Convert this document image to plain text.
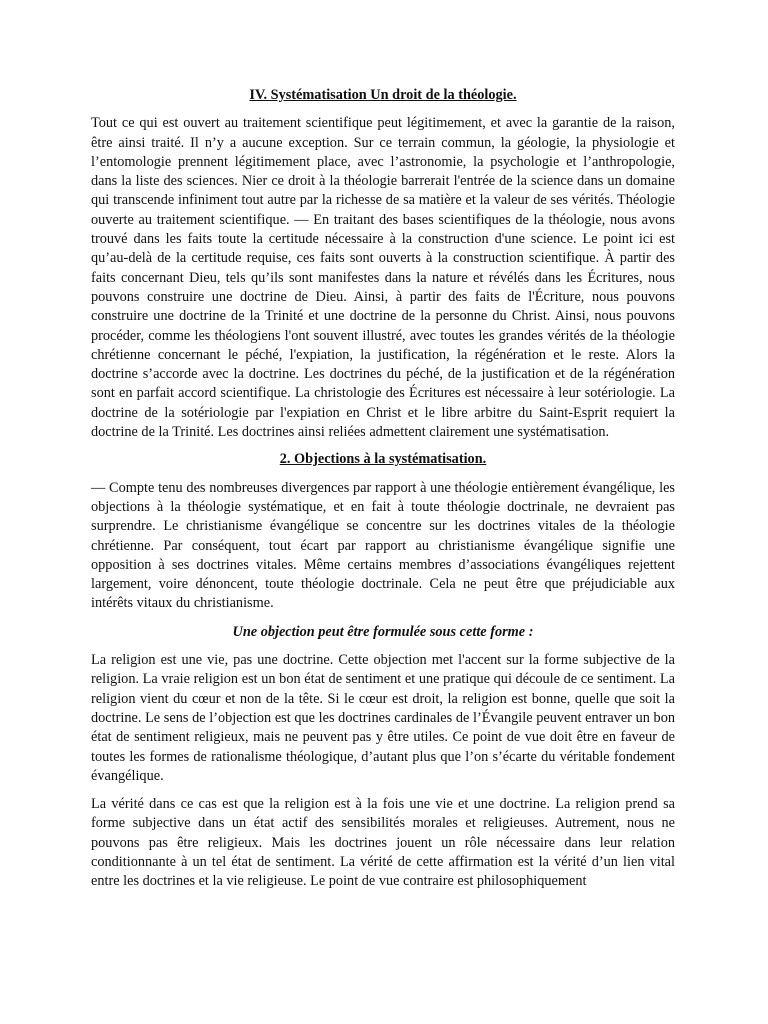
IV. Systématisation Un droit de la théologie.
Tout ce qui est ouvert au traitement scientifique peut légitimement, et avec la garantie de la raison, être ainsi traité. Il n’y a aucune exception. Sur ce terrain commun, la géologie, la physiologie et l’entomologie prennent légitimement place, avec l’astronomie, la psychologie et l’anthropologie, dans la liste des sciences. Nier ce droit à la théologie barrerait l'entrée de la science dans un domaine qui transcende infiniment tout autre par la richesse de sa matière et la valeur de ses vérités. Théologie ouverte au traitement scientifique. — En traitant des bases scientifiques de la théologie, nous avons trouvé dans les faits toute la certitude nécessaire à la construction d'une science. Le point ici est qu’au-delà de la certitude requise, ces faits sont ouverts à la construction scientifique. À partir des faits concernant Dieu, tels qu’ils sont manifestes dans la nature et révélés dans les Écritures, nous pouvons construire une doctrine de Dieu. Ainsi, à partir des faits de l'Écriture, nous pouvons construire une doctrine de la Trinité et une doctrine de la personne du Christ. Ainsi, nous pouvons procéder, comme les théologiens l'ont souvent illustré, avec toutes les grandes vérités de la théologie chrétienne concernant le péché, l'expiation, la justification, la régénération et le reste. Alors la doctrine s’accorde avec la doctrine. Les doctrines du péché, de la justification et de la régénération sont en parfait accord scientifique. La christologie des Écritures est nécessaire à leur sotériologie. La doctrine de la sotériologie par l'expiation en Christ et le libre arbitre du Saint-Esprit requiert la doctrine de la Trinité. Les doctrines ainsi reliées admettent clairement une systématisation.
2. Objections à la systématisation.
— Compte tenu des nombreuses divergences par rapport à une théologie entièrement évangélique, les objections à la théologie systématique, et en fait à toute théologie doctrinale, ne devraient pas surprendre. Le christianisme évangélique se concentre sur les doctrines vitales de la théologie chrétienne. Par conséquent, tout écart par rapport au christianisme évangélique signifie une opposition à ses doctrines vitales. Même certains membres d’associations évangéliques rejettent largement, voire dénoncent, toute théologie doctrinale. Cela ne peut être que préjudiciable aux intérêts vitaux du christianisme.
Une objection peut être formulée sous cette forme :
La religion est une vie, pas une doctrine. Cette objection met l'accent sur la forme subjective de la religion. La vraie religion est un bon état de sentiment et une pratique qui découle de ce sentiment. La religion vient du cœur et non de la tête. Si le cœur est droit, la religion est bonne, quelle que soit la doctrine. Le sens de l’objection est que les doctrines cardinales de l’Évangile peuvent entraver un bon état de sentiment religieux, mais ne peuvent pas y être utiles. Ce point de vue doit être en faveur de toutes les formes de rationalisme théologique, d’autant plus que l’on s’écarte du véritable fondement évangélique.
La vérité dans ce cas est que la religion est à la fois une vie et une doctrine. La religion prend sa forme subjective dans un état actif des sensibilités morales et religieuses. Autrement, nous ne pouvons pas être religieux. Mais les doctrines jouent un rôle nécessaire dans leur relation conditionnante à un tel état de sentiment. La vérité de cette affirmation est la vérité d’un lien vital entre les doctrines et la vie religieuse. Le point de vue contraire est philosophiquement
